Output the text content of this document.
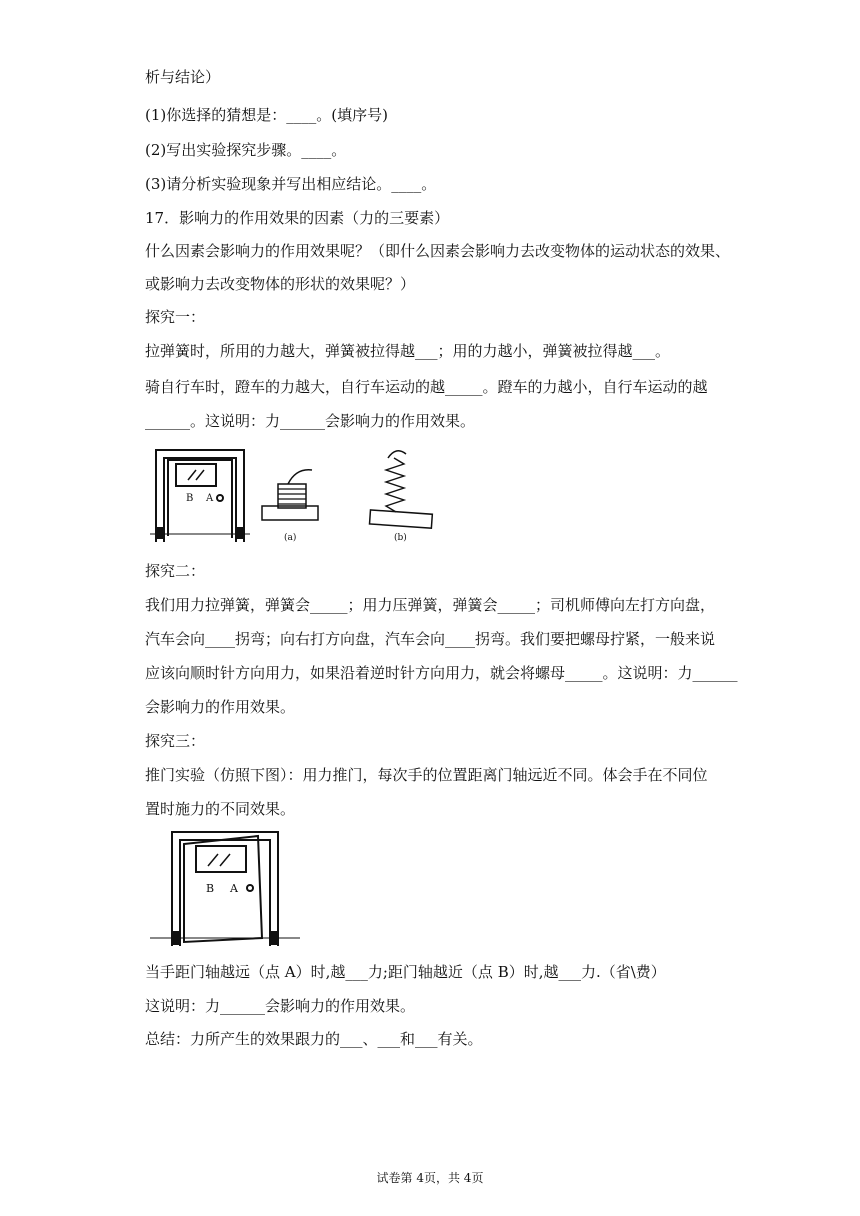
析与结论）
(1)你选择的猜想是：____。(填序号)
(2)写出实验探究步骤。____。
(3)请分析实验现象并写出相应结论。____。
17．影响力的作用效果的因素（力的三要素）
什么因素会影响力的作用效果呢？（即什么因素会影响力去改变物体的运动状态的效果、
或影响力去改变物体的形状的效果呢？）
探究一：
拉弹簧时，所用的力越大，弹簧被拉得越___；用的力越小，弹簧被拉得越___。
骑自行车时，蹬车的力越大，自行车运动的越_____。蹬车的力越小，自行车运动的越
______。这说明：力______会影响力的作用效果。
B A
(a)	(b)
探究二：
我们用力拉弹簧，弹簧会_____；用力压弹簧，弹簧会_____；司机师傅向左打方向盘，
汽车会向____拐弯；向右打方向盘，汽车会向____拐弯。我们要把螺母拧紧，一般来说
应该向顺时针方向用力，如果沿着逆时针方向用力，就会将螺母_____。这说明：力______
会影响力的作用效果。
探究三：
推门实验（仿照下图）：用力推门，每次手的位置距离门轴远近不同。体会手在不同位
置时施力的不同效果。
B A
当手距门轴越远（点 A）时,越___力;距门轴越近（点 B）时,越___力.（省\费）
这说明：力______会影响力的作用效果。
总结：力所产生的效果跟力的___、___和___有关。
试卷第 4页，共 4页
